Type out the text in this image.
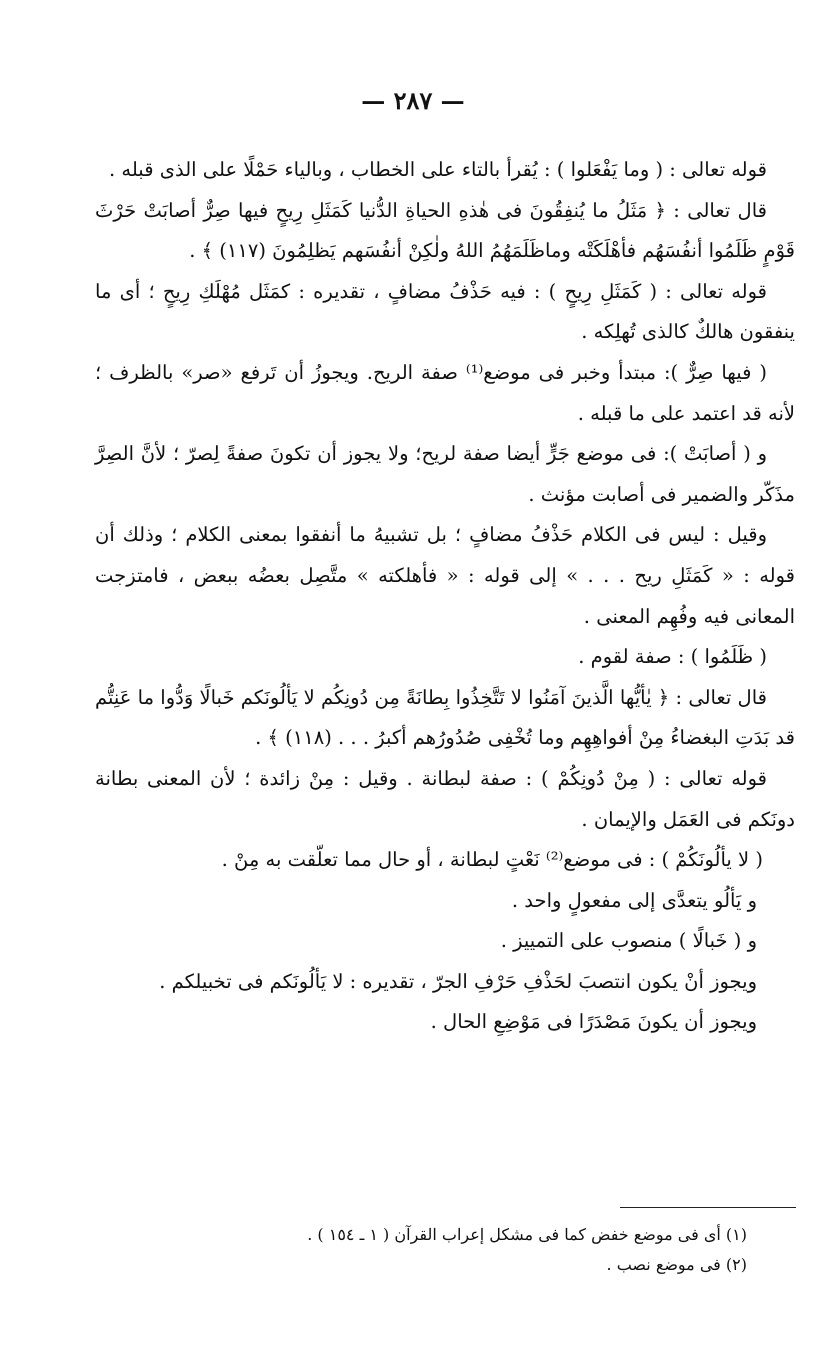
— ٢٨٧ —

قوله تعالى : ( وما يَفْعَلوا ) : يُقرأ بالتاء على الخطاب ، وبالياء حَمْلًا على الذى قبله .

قال تعالى : ﴿ مَثَلُ ما يُنفِقُونَ فى هٰذهِ الحياةِ الدُّنيا كَمَثَلِ رِيحٍ فيها صِرٌّ أصابَتْ حَرْثَ قَوْمٍ ظَلَمُوا أنفُسَهُم فأهْلَكَتْه وماظَلَمَهُمُ اللهُ ولٰكِنْ أنفُسَهم يَظلِمُونَ (١١٧) ﴾ .

قوله تعالى : ( كَمَثَلِ رِيحٍ ) : فيه حَذْفُ مضافٍ ، تقديره : كمَثَل مُهْلَكِ رِيحٍ ؛ أى ما ينفقون هالكٌ كالذى تُهلِكه .

( فيها صِرٌّ ): مبتدأ وخبر فى موضع⁽¹⁾ صفة الريح. ويجوزُ أن تَرفع «صر» بالظرف ؛ لأنه قد اعتمد على ما قبله .

و ( أصابَتْ ): فى موضع جَرٍّ أيضا صفة لريح؛ ولا يجوز أن تكونَ صفةً لِصرّ ؛ لأنَّ الصِرَّ مذَكّر والضمير فى أصابت مؤنث .

وقيل : ليس فى الكلام حَذْفُ مضافٍ ؛ بل تشبيهُ ما أنفقوا بمعنى الكلام ؛ وذلك أن قوله : « كَمَثَلِ ريح . . . » إلى قوله : « فأهلكته » متَّصِل بعضُه ببعض ، فامتزجت المعانى فيه وفُهِم المعنى .

( ظَلَمُوا ) : صفة لقوم .

قال تعالى : ﴿ يٰأيُّها الَّذينَ آمَنُوا لا تَتَّخِذُوا بِطانَةً مِن دُونِكُم لا يَألُونَكم خَبالًا وَدُّوا ما عَنِتُّم قد بَدَتِ البغضاءُ مِنْ أفواهِهِم وما تُخْفِى صُدُورُهم أكبرُ . . . (١١٨) ﴾ .

قوله تعالى : ( مِنْ دُونِكُمْ ) : صفة لبطانة . وقيل : مِنْ زائدة ؛ لأن المعنى بطانة دونَكم فى العَمَل والإيمان .

( لا يألُونَكُمْ ) : فى موضع⁽²⁾ نَعْتٍ لبطانة ، أو حال مما تعلّقت به مِنْ .

و يَألُو يتعدَّى إلى مفعولٍ واحد .

و ( خَبالًا ) منصوب على التمييز .

ويجوز أنْ يكون انتصبَ لحَذْفِ حَرْفِ الجرّ ، تقديره : لا يَألُونَكم فى تخبيلكم .

ويجوز أن يكونَ مَصْدَرًا فى مَوْضِعِ الحال .

(١) أى فى موضع خفض كما فى مشكل إعراب القرآن ( ١ ـ ١٥٤ ) .

(٢) فى موضع نصب .
